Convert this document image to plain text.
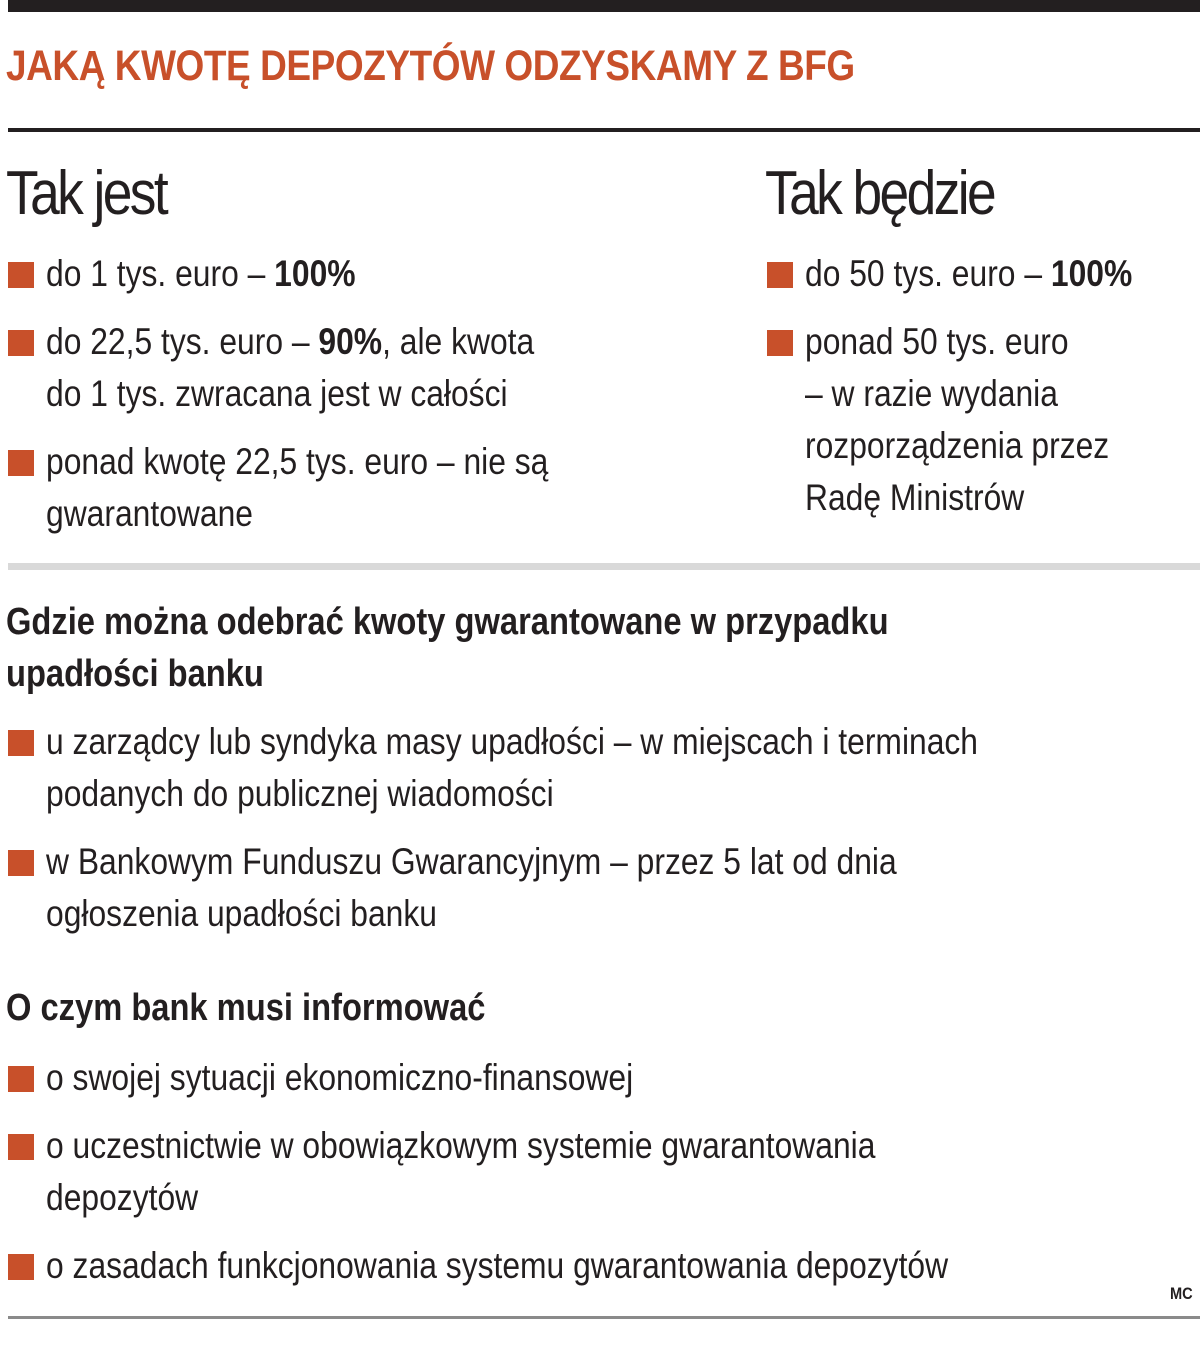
JAKĄ KWOTĘ DEPOZYTÓW ODZYSKAMY Z BFG
Tak jest
do 1 tys. euro – 100%
do 22,5 tys. euro – 90%, ale kwota
do 1 tys. zwracana jest w całości
ponad kwotę 22,5 tys. euro – nie są
gwarantowane
Tak będzie
do 50 tys. euro – 100%
ponad 50 tys. euro
– w razie wydania
rozporządzenia przez
Radę Ministrów
Gdzie można odebrać kwoty gwarantowane w przypadku
upadłości banku
u zarządcy lub syndyka masy upadłości – w miejscach i terminach
podanych do publicznej wiadomości
w Bankowym Funduszu Gwarancyjnym – przez 5 lat od dnia
ogłoszenia upadłości banku
O czym bank musi informować
o swojej sytuacji ekonomiczno-finansowej
o uczestnictwie w obowiązkowym systemie gwarantowania
depozytów
o zasadach funkcjonowania systemu gwarantowania depozytów
MC
